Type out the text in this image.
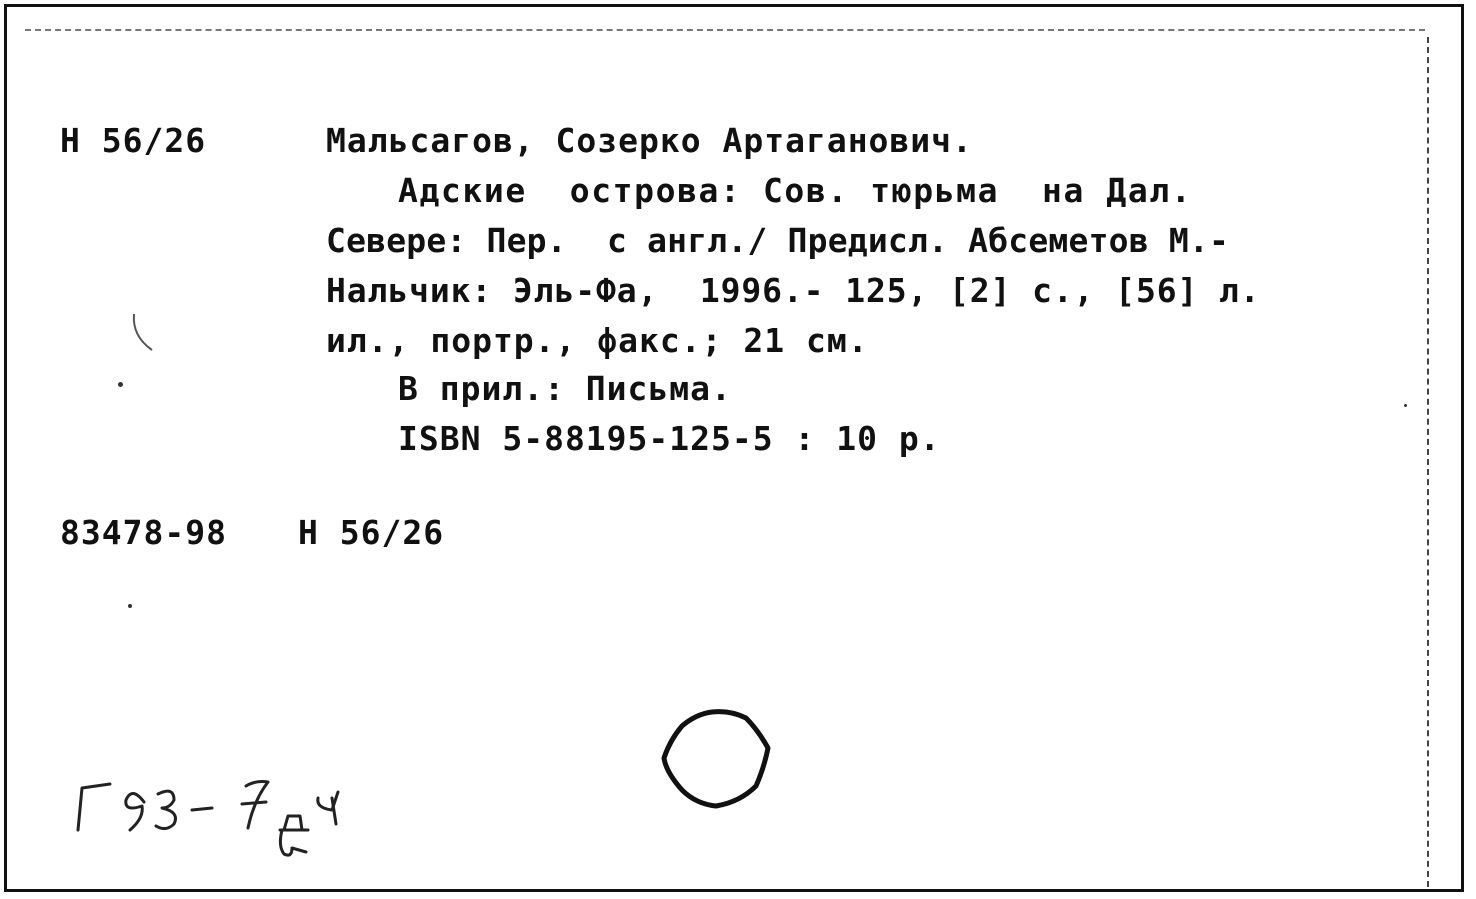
Н 56/26	Мальсагов, Созерко Артаганович.
Адские  острова: Сов. тюрьма  на Дал.
Севере: Пер.  с англ./ Предисл. Абсеметов М.-
Нальчик: Эль-Фа,  1996.- 125, [2] с., [56] л.
ил., портр., факс.; 21 см.
В прил.: Письма.
ISBN 5-88195-125-5 : 10 р.
83478-98 Н 56/26
